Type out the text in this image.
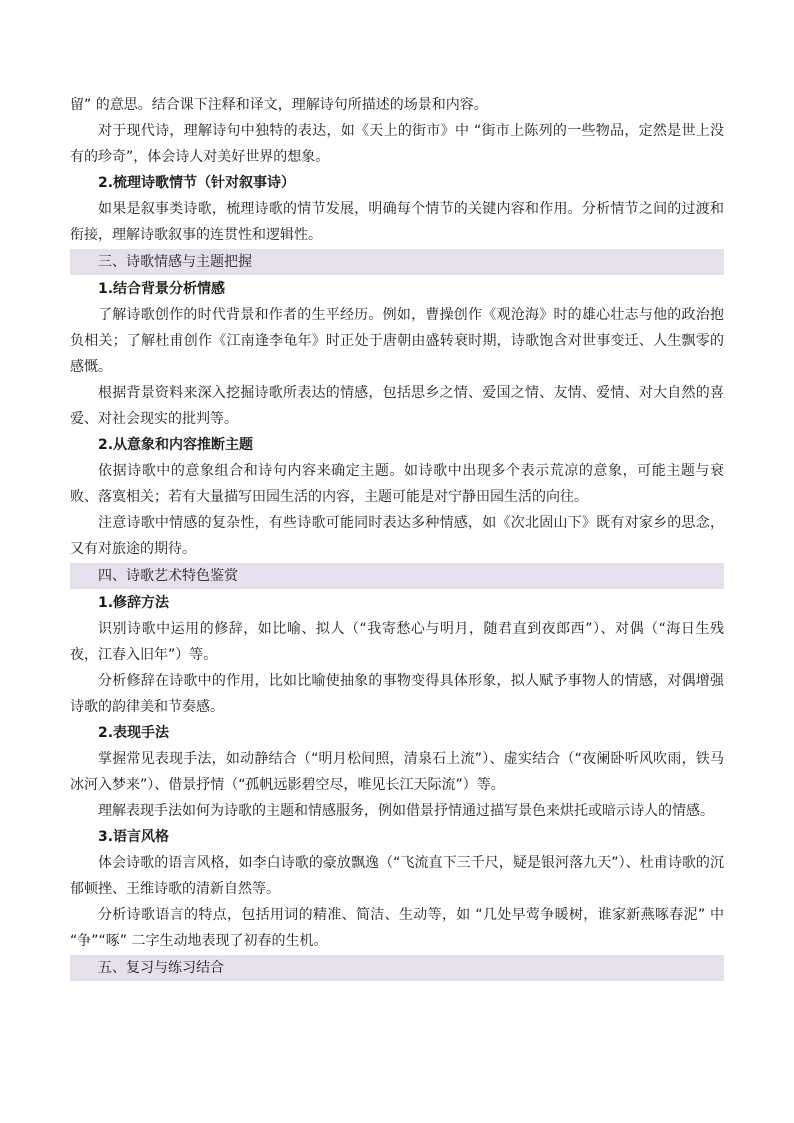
留” 的意思。结合课下注释和译文，理解诗句所描述的场景和内容。

对于现代诗，理解诗句中独特的表达，如《天上的街市》中 “街市上陈列的一些物品，定然是世上没有的珍奇”，体会诗人对美好世界的想象。

2.梳理诗歌情节（针对叙事诗）

如果是叙事类诗歌，梳理诗歌的情节发展，明确每个情节的关键内容和作用。分析情节之间的过渡和衔接，理解诗歌叙事的连贯性和逻辑性。

三、诗歌情感与主题把握

1.结合背景分析情感

了解诗歌创作的时代背景和作者的生平经历。例如，曹操创作《观沧海》时的雄心壮志与他的政治抱负相关；了解杜甫创作《江南逢李龟年》时正处于唐朝由盛转衰时期，诗歌饱含对世事变迁、人生飘零的感慨。

根据背景资料来深入挖掘诗歌所表达的情感，包括思乡之情、爱国之情、友情、爱情、对大自然的喜爱、对社会现实的批判等。

2.从意象和内容推断主题

依据诗歌中的意象组合和诗句内容来确定主题。如诗歌中出现多个表示荒凉的意象，可能主题与衰败、落寞相关；若有大量描写田园生活的内容，主题可能是对宁静田园生活的向往。

注意诗歌中情感的复杂性，有些诗歌可能同时表达多种情感，如《次北固山下》既有对家乡的思念，又有对旅途的期待。

四、诗歌艺术特色鉴赏

1.修辞方法

识别诗歌中运用的修辞，如比喻、拟人（“我寄愁心与明月，随君直到夜郎西”）、对偶（“海日生残夜，江春入旧年”）等。

分析修辞在诗歌中的作用，比如比喻使抽象的事物变得具体形象，拟人赋予事物人的情感，对偶增强诗歌的韵律美和节奏感。

2.表现手法

掌握常见表现手法，如动静结合（“明月松间照，清泉石上流”）、虚实结合（“夜阑卧听风吹雨，铁马冰河入梦来”）、借景抒情（“孤帆远影碧空尽，唯见长江天际流”）等。

理解表现手法如何为诗歌的主题和情感服务，例如借景抒情通过描写景色来烘托或暗示诗人的情感。

3.语言风格

体会诗歌的语言风格，如李白诗歌的豪放飘逸（“飞流直下三千尺，疑是银河落九天”）、杜甫诗歌的沉郁顿挫、王维诗歌的清新自然等。

分析诗歌语言的特点，包括用词的精准、简洁、生动等，如 “几处早莺争暖树，谁家新燕啄春泥” 中 “争”“啄” 二字生动地表现了初春的生机。

五、复习与练习结合
